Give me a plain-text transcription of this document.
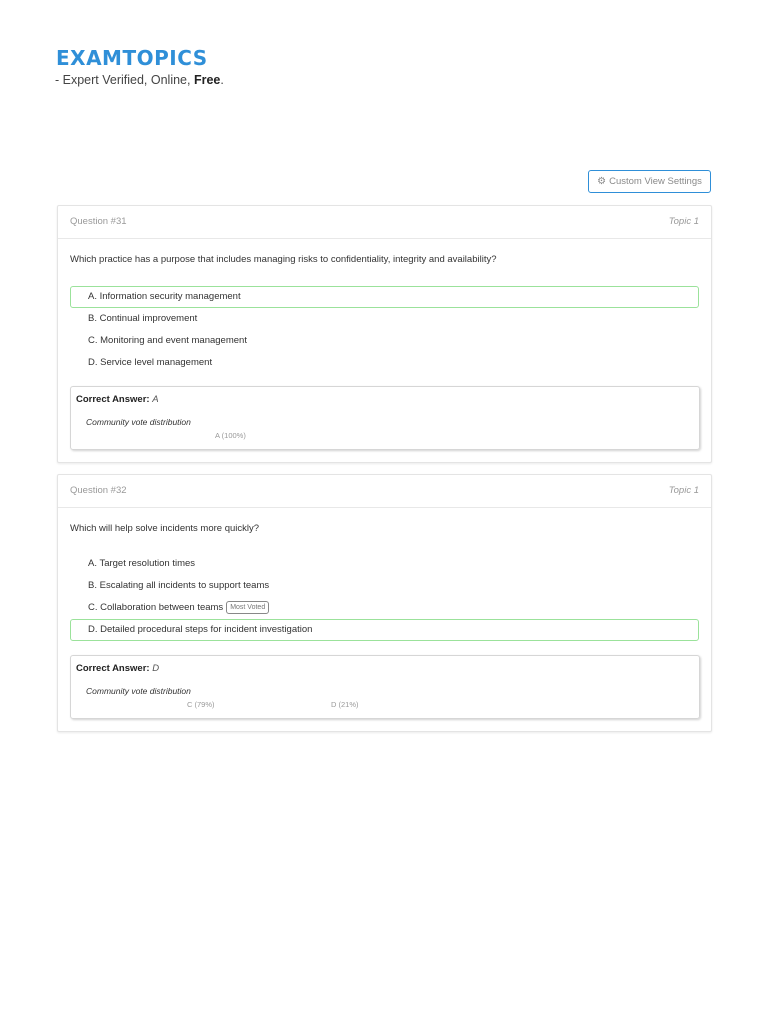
EXAMTOPICS
- Expert Verified, Online, Free.
⚙ Custom View Settings
Question #31	Topic 1
Which practice has a purpose that includes managing risks to confidentiality, integrity and availability?
A. Information security management
B. Continual improvement
C. Monitoring and event management
D. Service level management
Correct Answer: A
Community vote distribution
A (100%)
Question #32	Topic 1
Which will help solve incidents more quickly?
A. Target resolution times
B. Escalating all incidents to support teams
C. Collaboration between teams Most Voted
D. Detailed procedural steps for incident investigation
Correct Answer: D
Community vote distribution
C (79%)	D (21%)
